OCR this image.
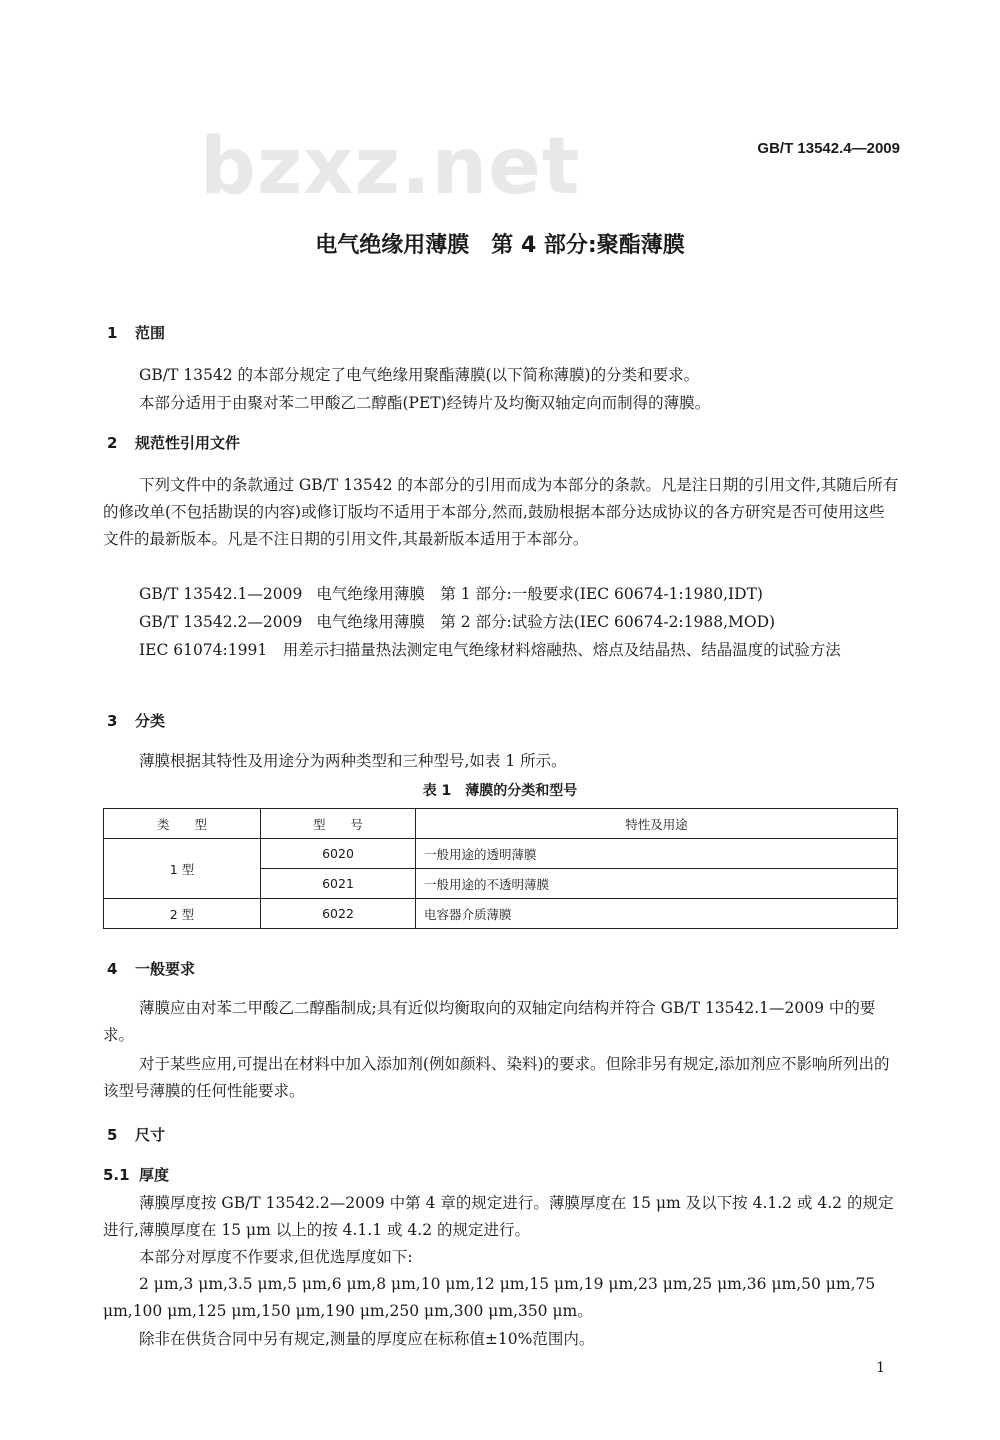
bzxz.net	GB/T 13542.4—2009
电气绝缘用薄膜　第 4 部分:聚酯薄膜
1 范围

GB/T 13542 的本部分规定了电气绝缘用聚酯薄膜(以下简称薄膜)的分类和要求。

本部分适用于由聚对苯二甲酸乙二醇酯(PET)经铸片及均衡双轴定向而制得的薄膜。

2 规范性引用文件

下列文件中的条款通过 GB/T 13542 的本部分的引用而成为本部分的条款。凡是注日期的引用文件,其随后所有的修改单(不包括勘误的内容)或修订版均不适用于本部分,然而,鼓励根据本部分达成协议的各方研究是否可使用这些文件的最新版本。凡是不注日期的引用文件,其最新版本适用于本部分。

GB/T 13542.1—2009 电气绝缘用薄膜　第 1 部分:一般要求(IEC 60674-1:1980,IDT)
GB/T 13542.2—2009 电气绝缘用薄膜　第 2 部分:试验方法(IEC 60674-2:1988,MOD)

IEC 61074:1991　用差示扫描量热法测定电气绝缘材料熔融热、熔点及结晶热、结晶温度的试验方法

3 分类

薄膜根据其特性及用途分为两种类型和三种型号,如表 1 所示。

表 1　薄膜的分类和型号
类　　型	型　　号	特性及用途
1 型	6020	一般用途的透明薄膜
	6021	一般用途的不透明薄膜
2 型	6022	电容器介质薄膜
4 一般要求

薄膜应由对苯二甲酸乙二醇酯制成;具有近似均衡取向的双轴定向结构并符合 GB/T 13542.1—2009 中的要求。

对于某些应用,可提出在材料中加入添加剂(例如颜料、染料)的要求。但除非另有规定,添加剂应不影响所列出的该型号薄膜的任何性能要求。

5 尺寸
5.1 厚度

薄膜厚度按 GB/T 13542.2—2009 中第 4 章的规定进行。薄膜厚度在 15 μm 及以下按 4.1.2 或 4.2 的规定进行,薄膜厚度在 15 μm 以上的按 4.1.1 或 4.2 的规定进行。

本部分对厚度不作要求,但优选厚度如下:

2 μm,3 μm,3.5 μm,5 μm,6 μm,8 μm,10 μm,12 μm,15 μm,19 μm,23 μm,25 μm,36 μm,50 μm,75 μm,100 μm,125 μm,150 μm,190 μm,250 μm,300 μm,350 μm。

除非在供货合同中另有规定,测量的厚度应在标称值±10%范围内。

1
